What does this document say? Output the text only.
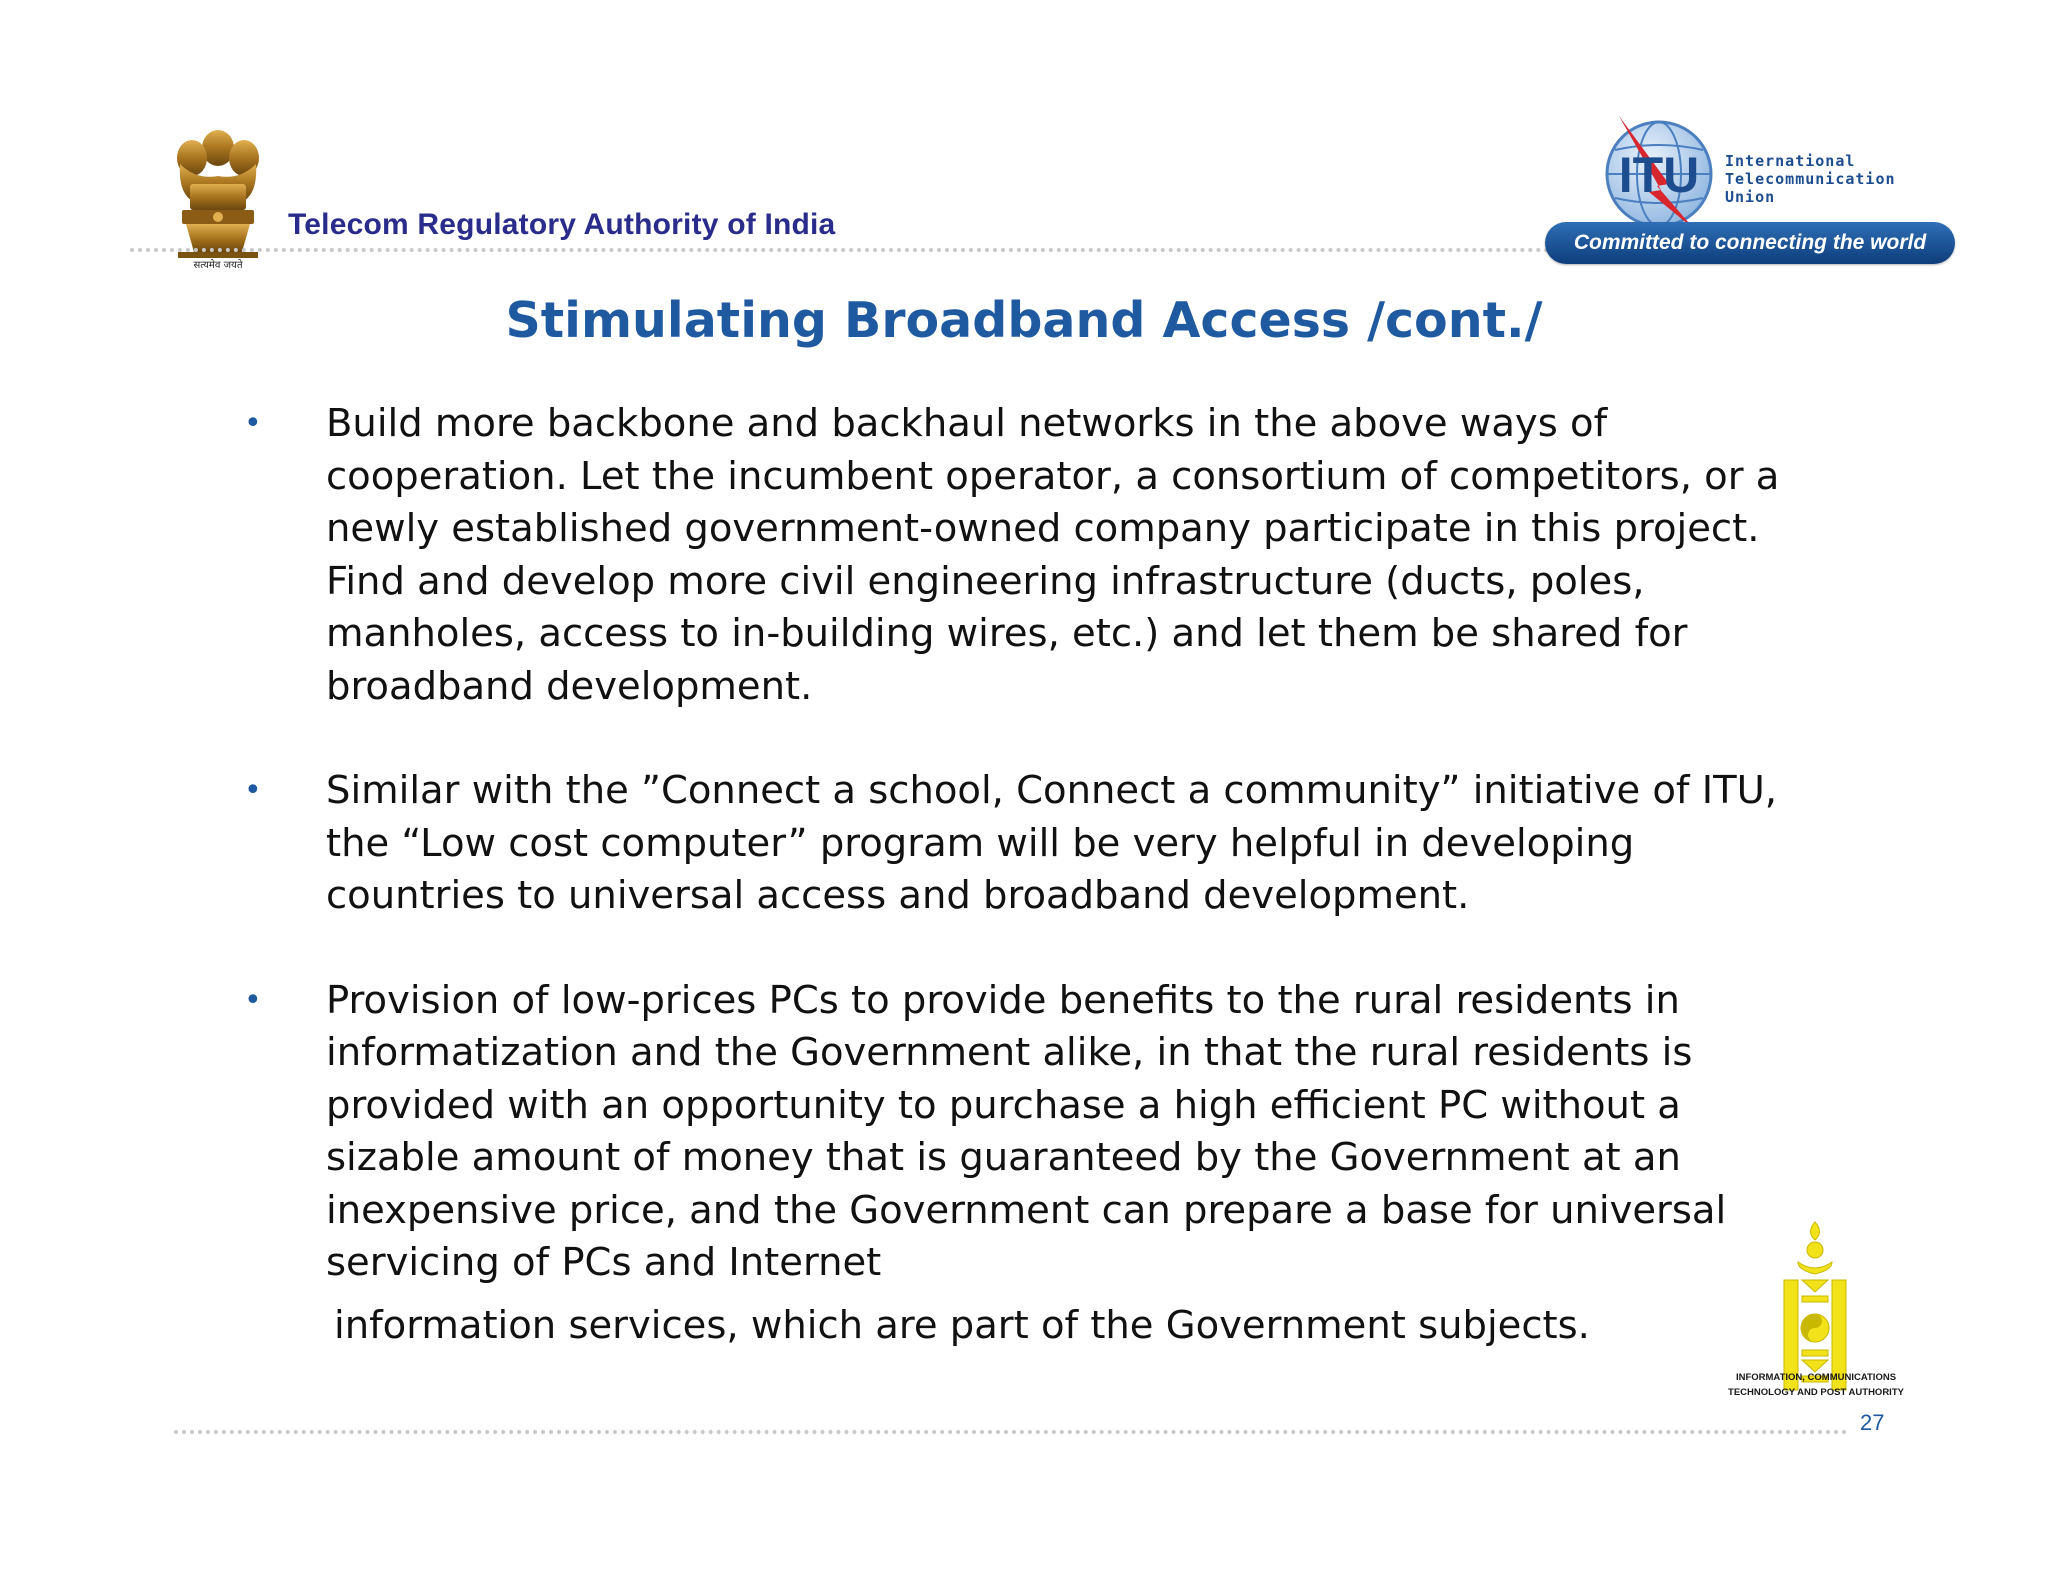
सत्यमेव जयते
Telecom Regulatory Authority of India
ITU International
Telecommunication
Union
Committed to connecting the world
Stimulating Broadband Access /cont./
• Build more backbone and backhaul networks in the above ways of cooperation. Let the incumbent operator, a consortium of competitors, or a newly established government-owned company participate in this project. Find and develop more civil engineering infrastructure (ducts, poles, manholes, access to in-building wires, etc.) and let them be shared for broadband development.

• Similar with the ”Connect a school, Connect a community” initiative of ITU, the “Low cost computer” program will be very helpful in developing countries to universal access and broadband development.

• Provision of low-prices PCs to provide benefits to the rural residents in informatization and the Government alike, in that the rural residents is provided with an opportunity to purchase a high efficient PC without a sizable amount of money that is guaranteed by the Government at an inexpensive price, and the Government can prepare a base for universal servicing of PCs and Internet

information services, which are part of the Government subjects.
INFORMATION, COMMUNICATIONS
TECHNOLOGY AND POST AUTHORITY
27
